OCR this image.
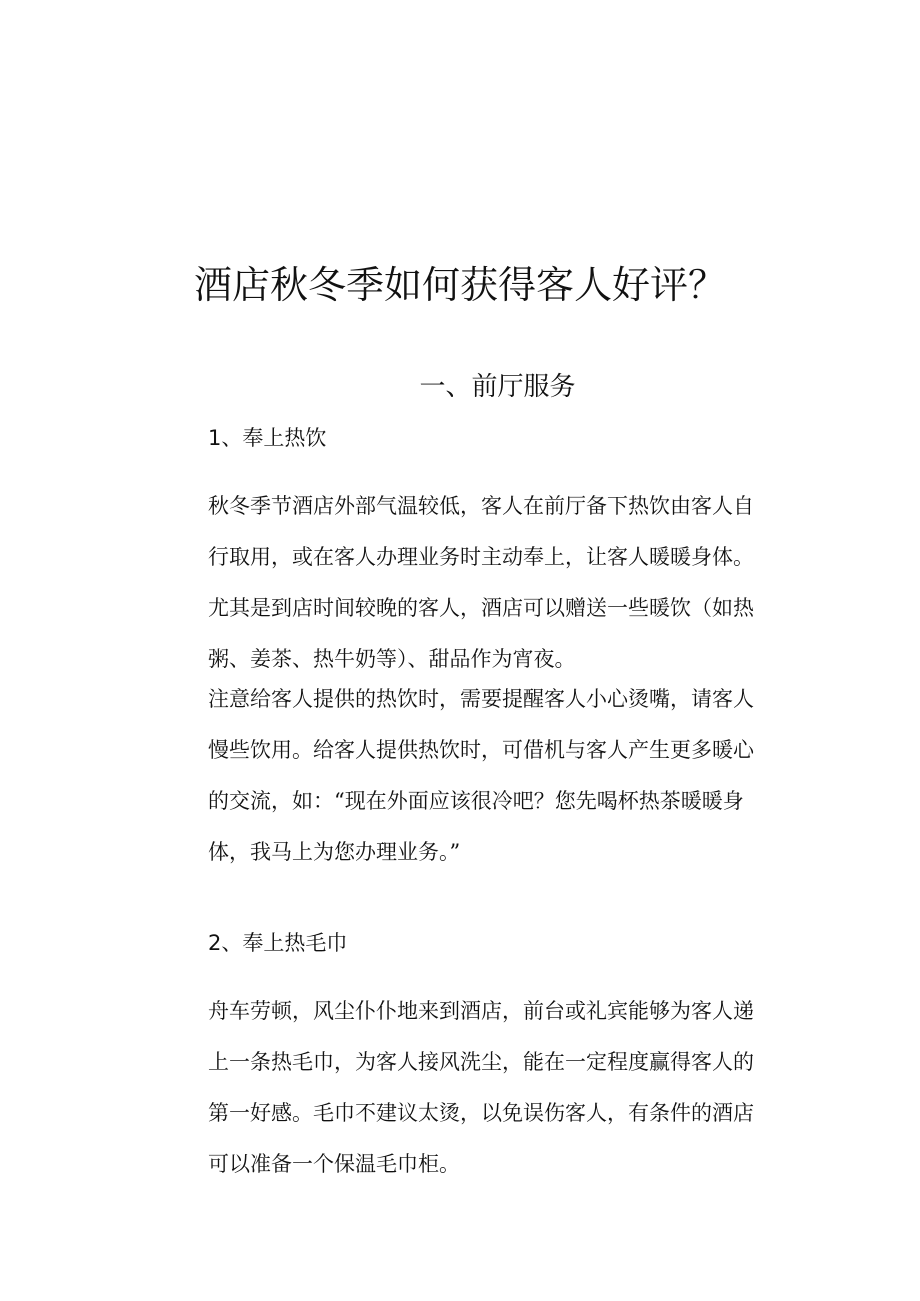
酒店秋冬季如何获得客人好评？
一、前厅服务
1、奉上热饮
秋冬季节酒店外部气温较低，客人在前厅备下热饮由客人自
行取用，或在客人办理业务时主动奉上，让客人暖暖身体。
尤其是到店时间较晚的客人，酒店可以赠送一些暖饮（如热
粥、姜茶、热牛奶等）、甜品作为宵夜。
注意给客人提供的热饮时，需要提醒客人小心烫嘴，请客人
慢些饮用。给客人提供热饮时，可借机与客人产生更多暖心
的交流，如：“现在外面应该很冷吧？您先喝杯热茶暖暖身
体，我马上为您办理业务。”
2、奉上热毛巾
舟车劳顿，风尘仆仆地来到酒店，前台或礼宾能够为客人递
上一条热毛巾，为客人接风洗尘，能在一定程度赢得客人的
第一好感。毛巾不建议太烫，以免误伤客人，有条件的酒店
可以准备一个保温毛巾柜。
